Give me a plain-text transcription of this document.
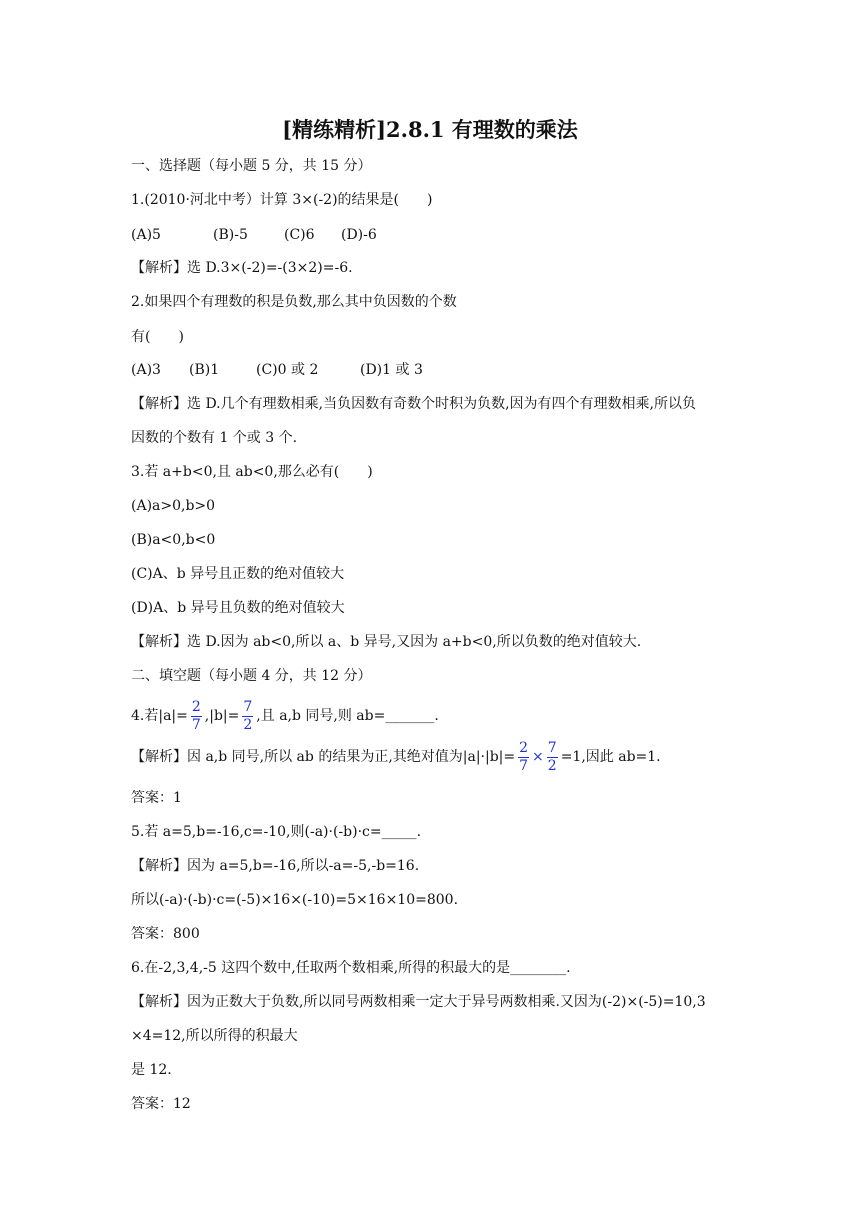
[精练精析]2.8.1 有理数的乘法
一、选择题（每小题 5 分，共 15 分）
1.(2010·河北中考）计算 3×(-2)的结果是(　　)
(A)5	(B)-5	(C)6 (D)-6
【解析】选 D.3×(-2)=-(3×2)=-6.
2.如果四个有理数的积是负数,那么其中负因数的个数
有(　　)
(A)3 (B)1	(C)0 或 2	(D)1 或 3
【解析】选 D.几个有理数相乘,当负因数有奇数个时积为负数,因为有四个有理数相乘,所以负
因数的个数有 1 个或 3 个.
3.若 a+b<0,且 ab<0,那么必有(　　)
(A)a>0,b>0
(B)a<0,b<0
(C)A、b 异号且正数的绝对值较大
(D)A、b 异号且负数的绝对值较大
【解析】选 D.因为 ab<0,所以 a、b 异号,又因为 a+b<0,所以负数的绝对值较大.
二、填空题（每小题 4 分，共 12 分）
4.若$|a|= \frac{2}{7} ,|b|= \frac{7}{2}$ ,且 a,b 同号,则 ab=_______.
【解析】因 a,b 同号,所以 ab 的结果为正,其绝对值为$|a|\cdot|b|= \frac{2}{7} \times \frac{7}{2} =1$,因此 ab=1.
答案：1
5.若 a=5,b=-16,c=-10,则(-a)·(-b)·c=_____.
【解析】因为 a=5,b=-16,所以-a=-5,-b=16.
所以(-a)·(-b)·c=(-5)×16×(-10)=5×16×10=800.
答案：800
6.在-2,3,4,-5 这四个数中,任取两个数相乘,所得的积最大的是________.
【解析】因为正数大于负数,所以同号两数相乘一定大于异号两数相乘.又因为(-2)×(-5)=10,3
×4=12,所以所得的积最大
是 12.
答案：12
